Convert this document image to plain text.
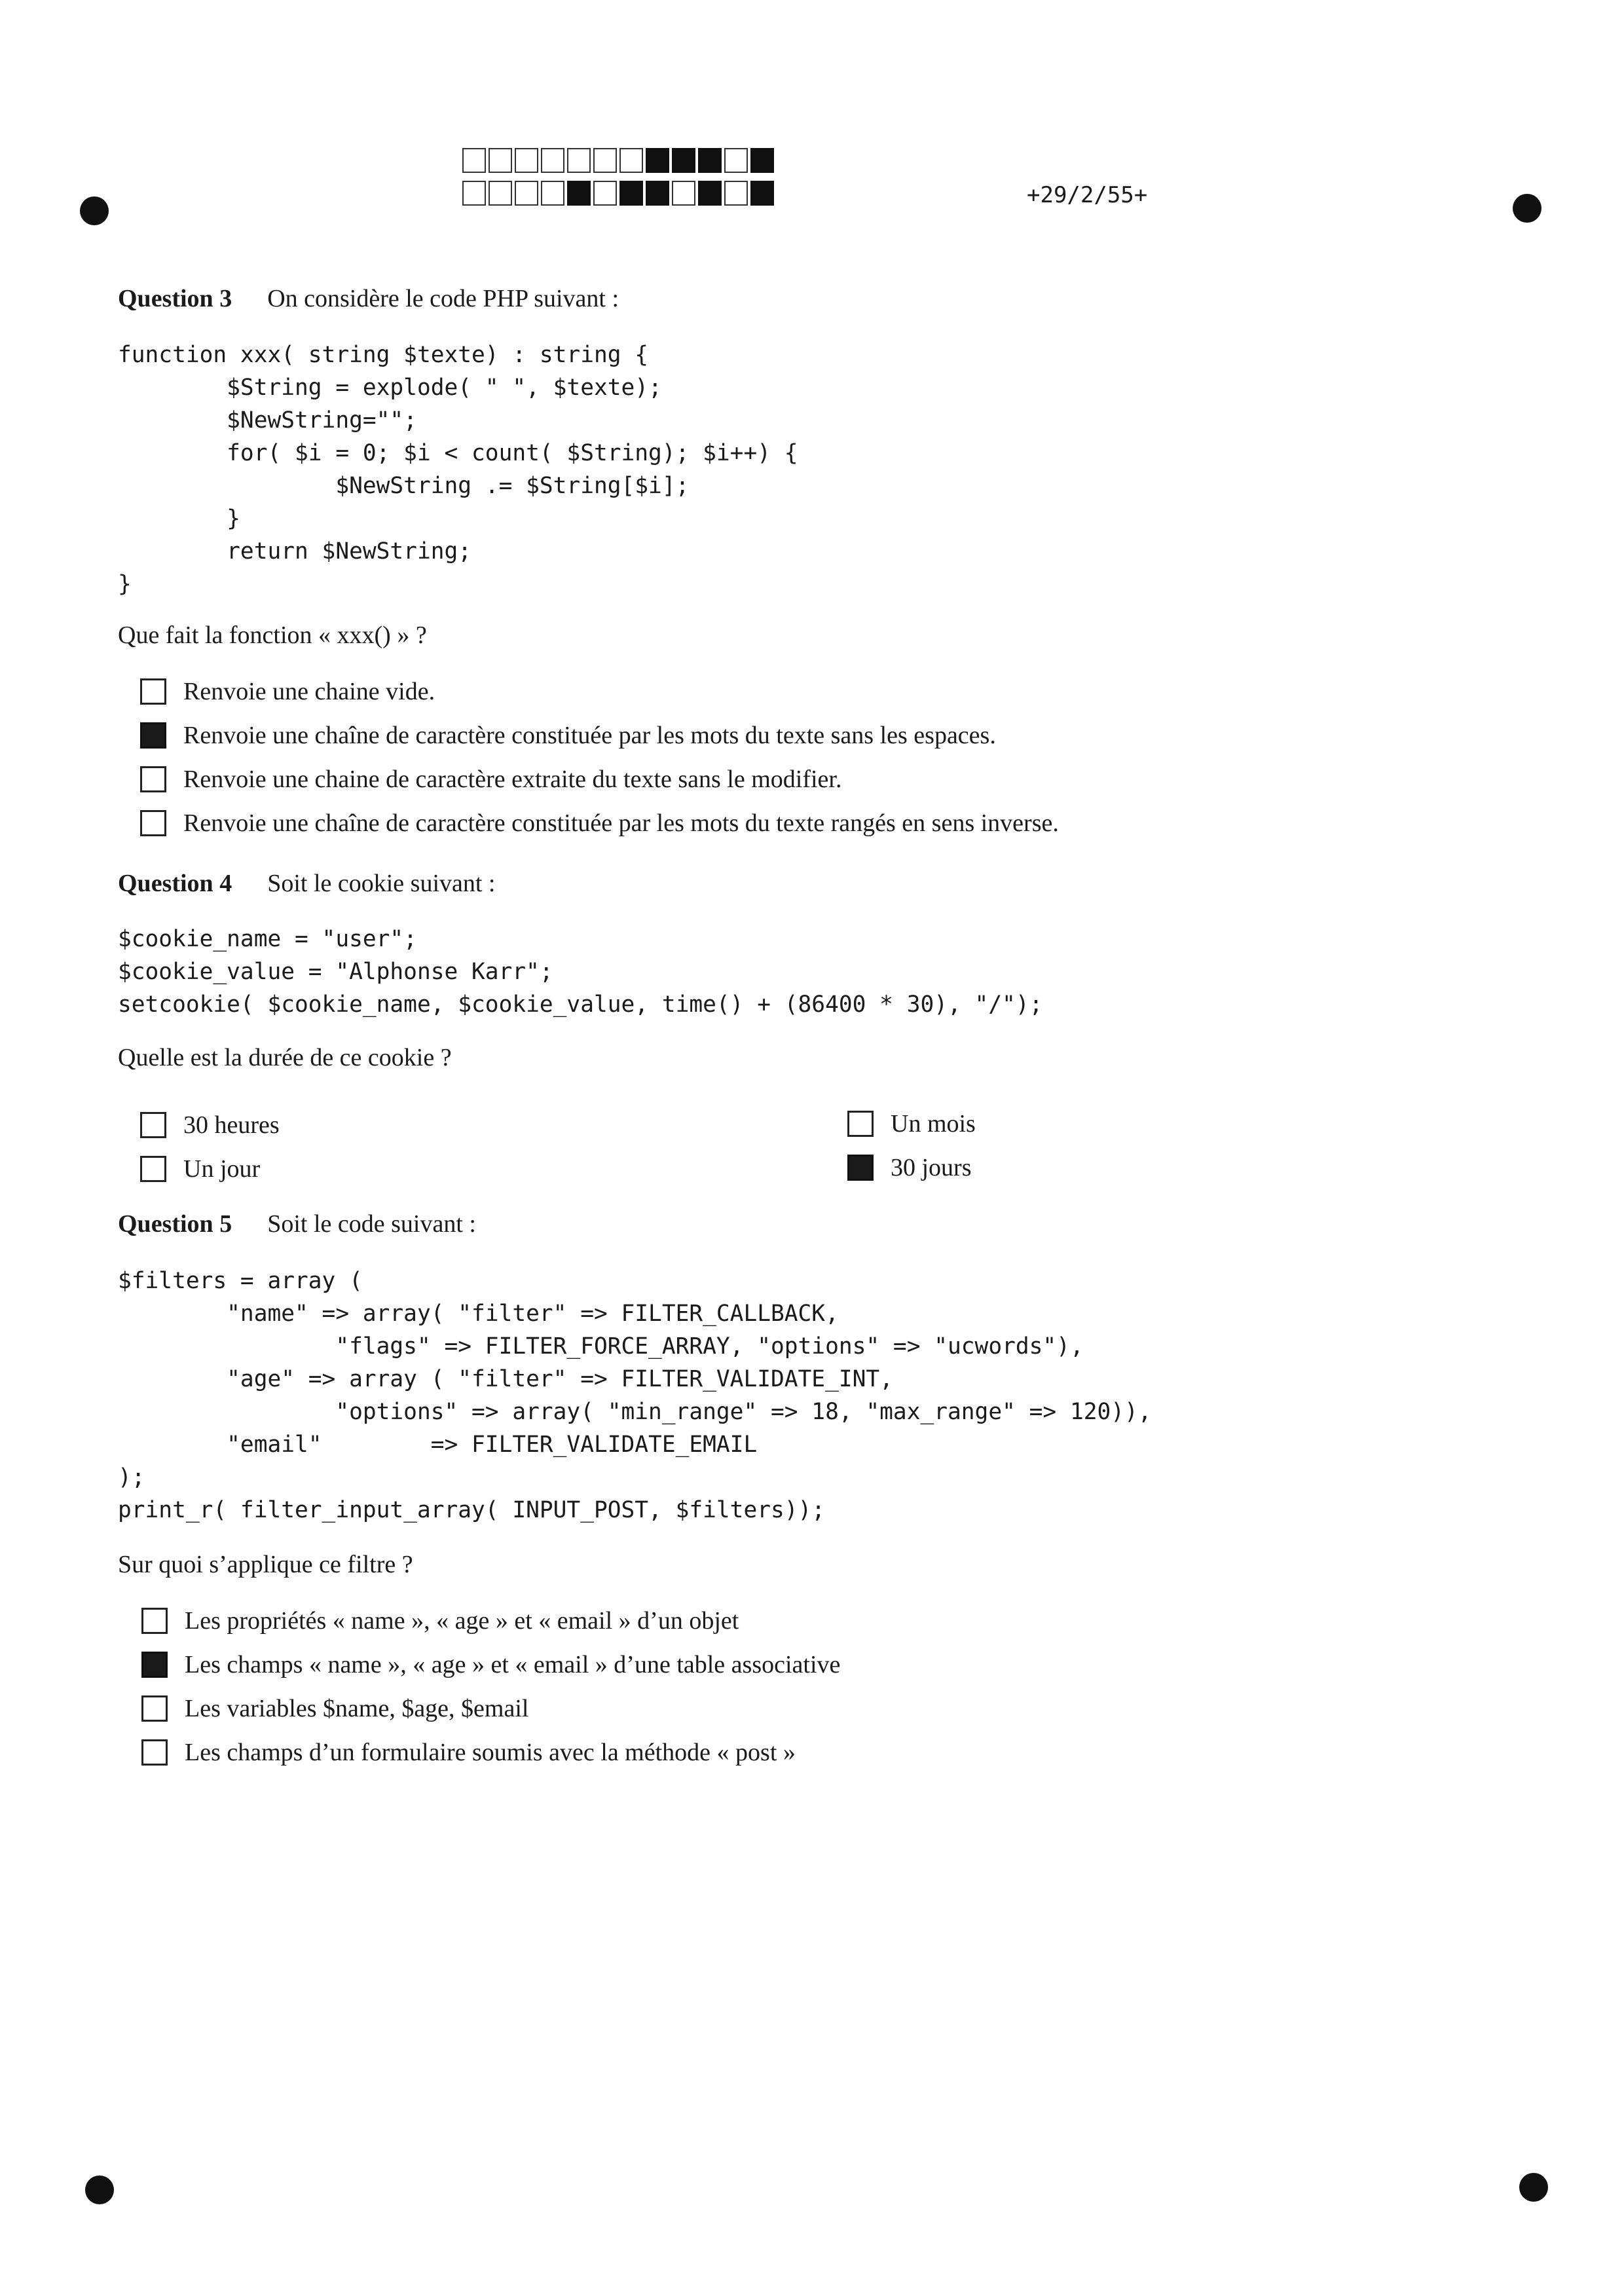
+29/2/55+
Question 3 On considère le code PHP suivant :
function xxx( string $texte) : string {
$String = explode( " ", $texte);
$NewString="";
for( $i = 0; $i < count( $String); $i++) {
$NewString .= $String[$i];
}
return $NewString;
}
Que fait la fonction « xxx() » ?
Renvoie une chaine vide.
Renvoie une chaîne de caractère constituée par les mots du texte sans les espaces.
Renvoie une chaine de caractère extraite du texte sans le modifier.
Renvoie une chaîne de caractère constituée par les mots du texte rangés en sens inverse.
Question 4 Soit le cookie suivant :
$cookie_name = "user";
$cookie_value = "Alphonse Karr";
setcookie( $cookie_name, $cookie_value, time() + (86400 * 30), "/");
Quelle est la durée de ce cookie ?
30 heures
Un jour
Un mois
30 jours
Question 5 Soit le code suivant :
$filters = array (
"name" => array( "filter" => FILTER_CALLBACK,
"flags" => FILTER_FORCE_ARRAY, "options" => "ucwords"),
"age" => array ( "filter" => FILTER_VALIDATE_INT,
"options" => array( "min_range" => 18, "max_range" => 120)),
"email"        => FILTER_VALIDATE_EMAIL
);
print_r( filter_input_array( INPUT_POST, $filters));
Sur quoi s’applique ce filtre ?
Les propriétés « name », « age » et « email » d’un objet
Les champs « name », « age » et « email » d’une table associative
Les variables $name, $age, $email
Les champs d’un formulaire soumis avec la méthode « post »
